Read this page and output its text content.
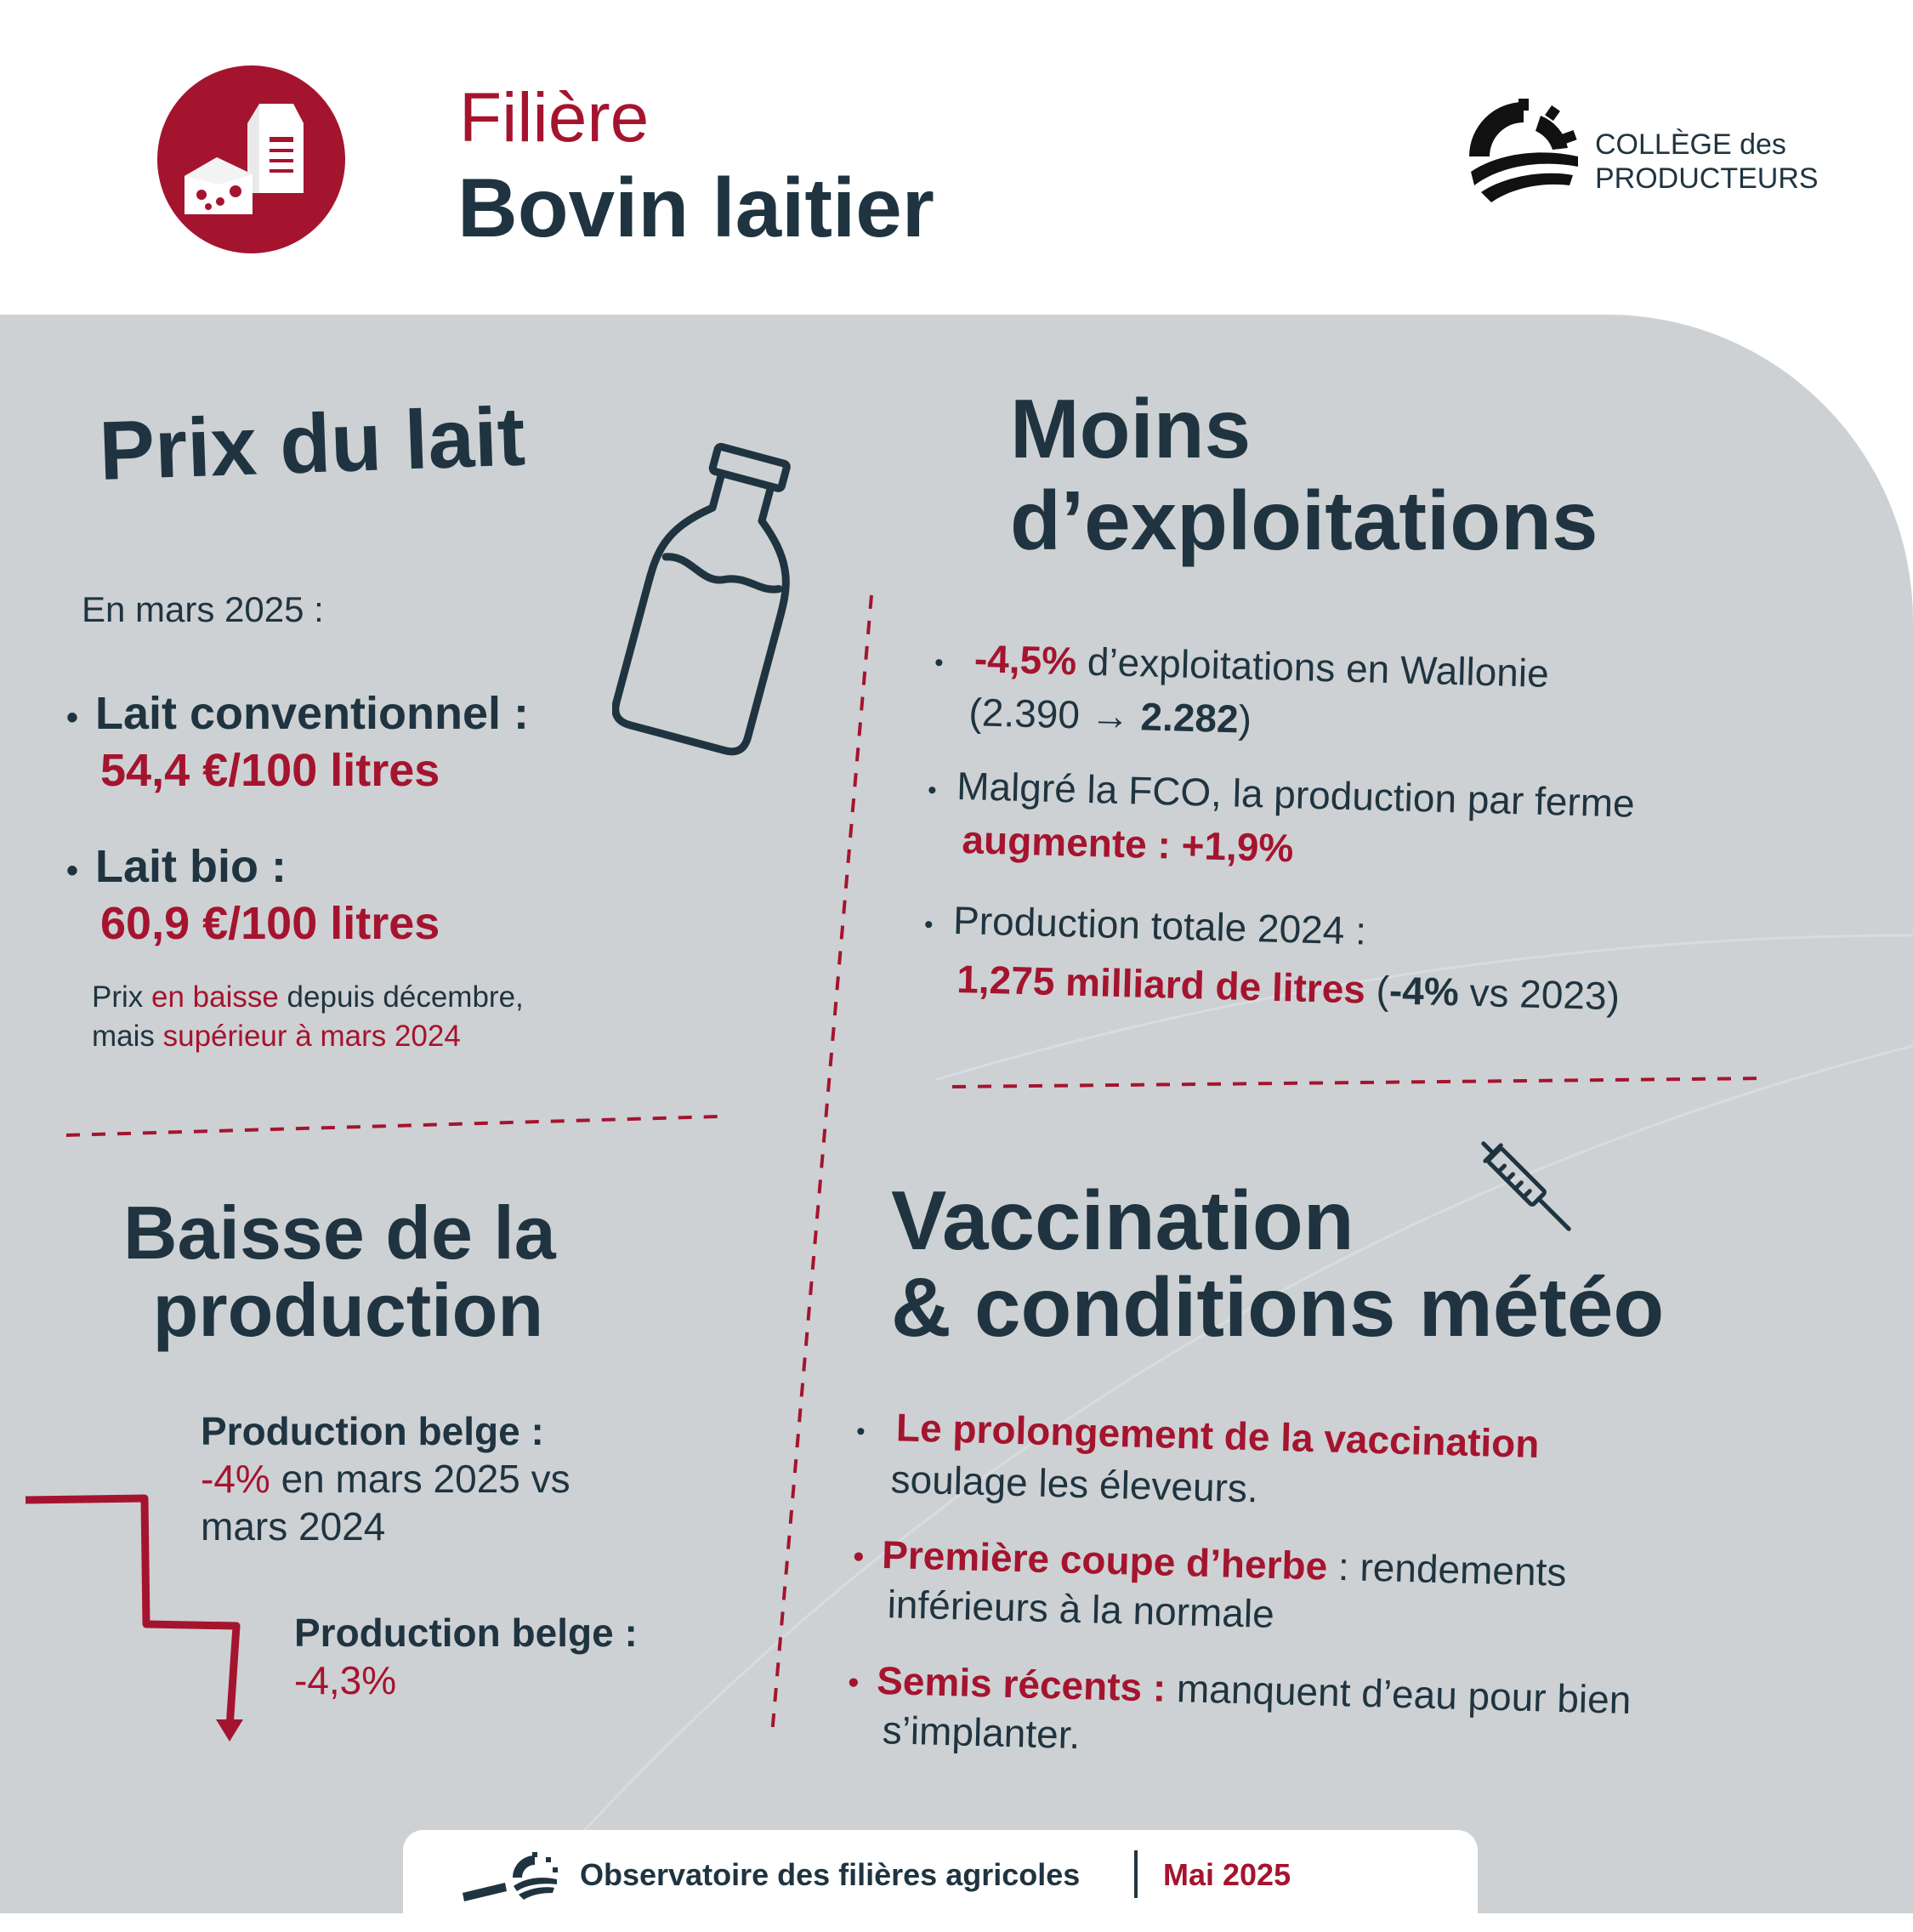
Filière
Bovin laitier
COLLÈGE des
PRODUCTEURS
Prix du lait
En mars 2025 :
• Lait conventionnel :
54,4 €/100 litres
• Lait bio :
60,9 €/100 litres
Prix en baisse depuis décembre,
mais supérieur à mars 2024
Baisse de la
production
Production belge :
-4% en mars 2025 vs
mars 2024
Production belge :
-4,3%
Moins
d’exploitations
• -4,5% d’exploitations en Wallonie
(2.390 → 2.282)
• Malgré la FCO, la production par ferme
augmente : +1,9%
• Production totale 2024 :
1,275 milliard de litres (-4% vs 2023)
Vaccination
& conditions météo
• Le prolongement de la vaccination
soulage les éleveurs.
• Première coupe d’herbe : rendements
inférieurs à la normale
• Semis récents : manquent d’eau pour bien
s’implanter.
Observatoire des filières agricoles	Mai 2025
